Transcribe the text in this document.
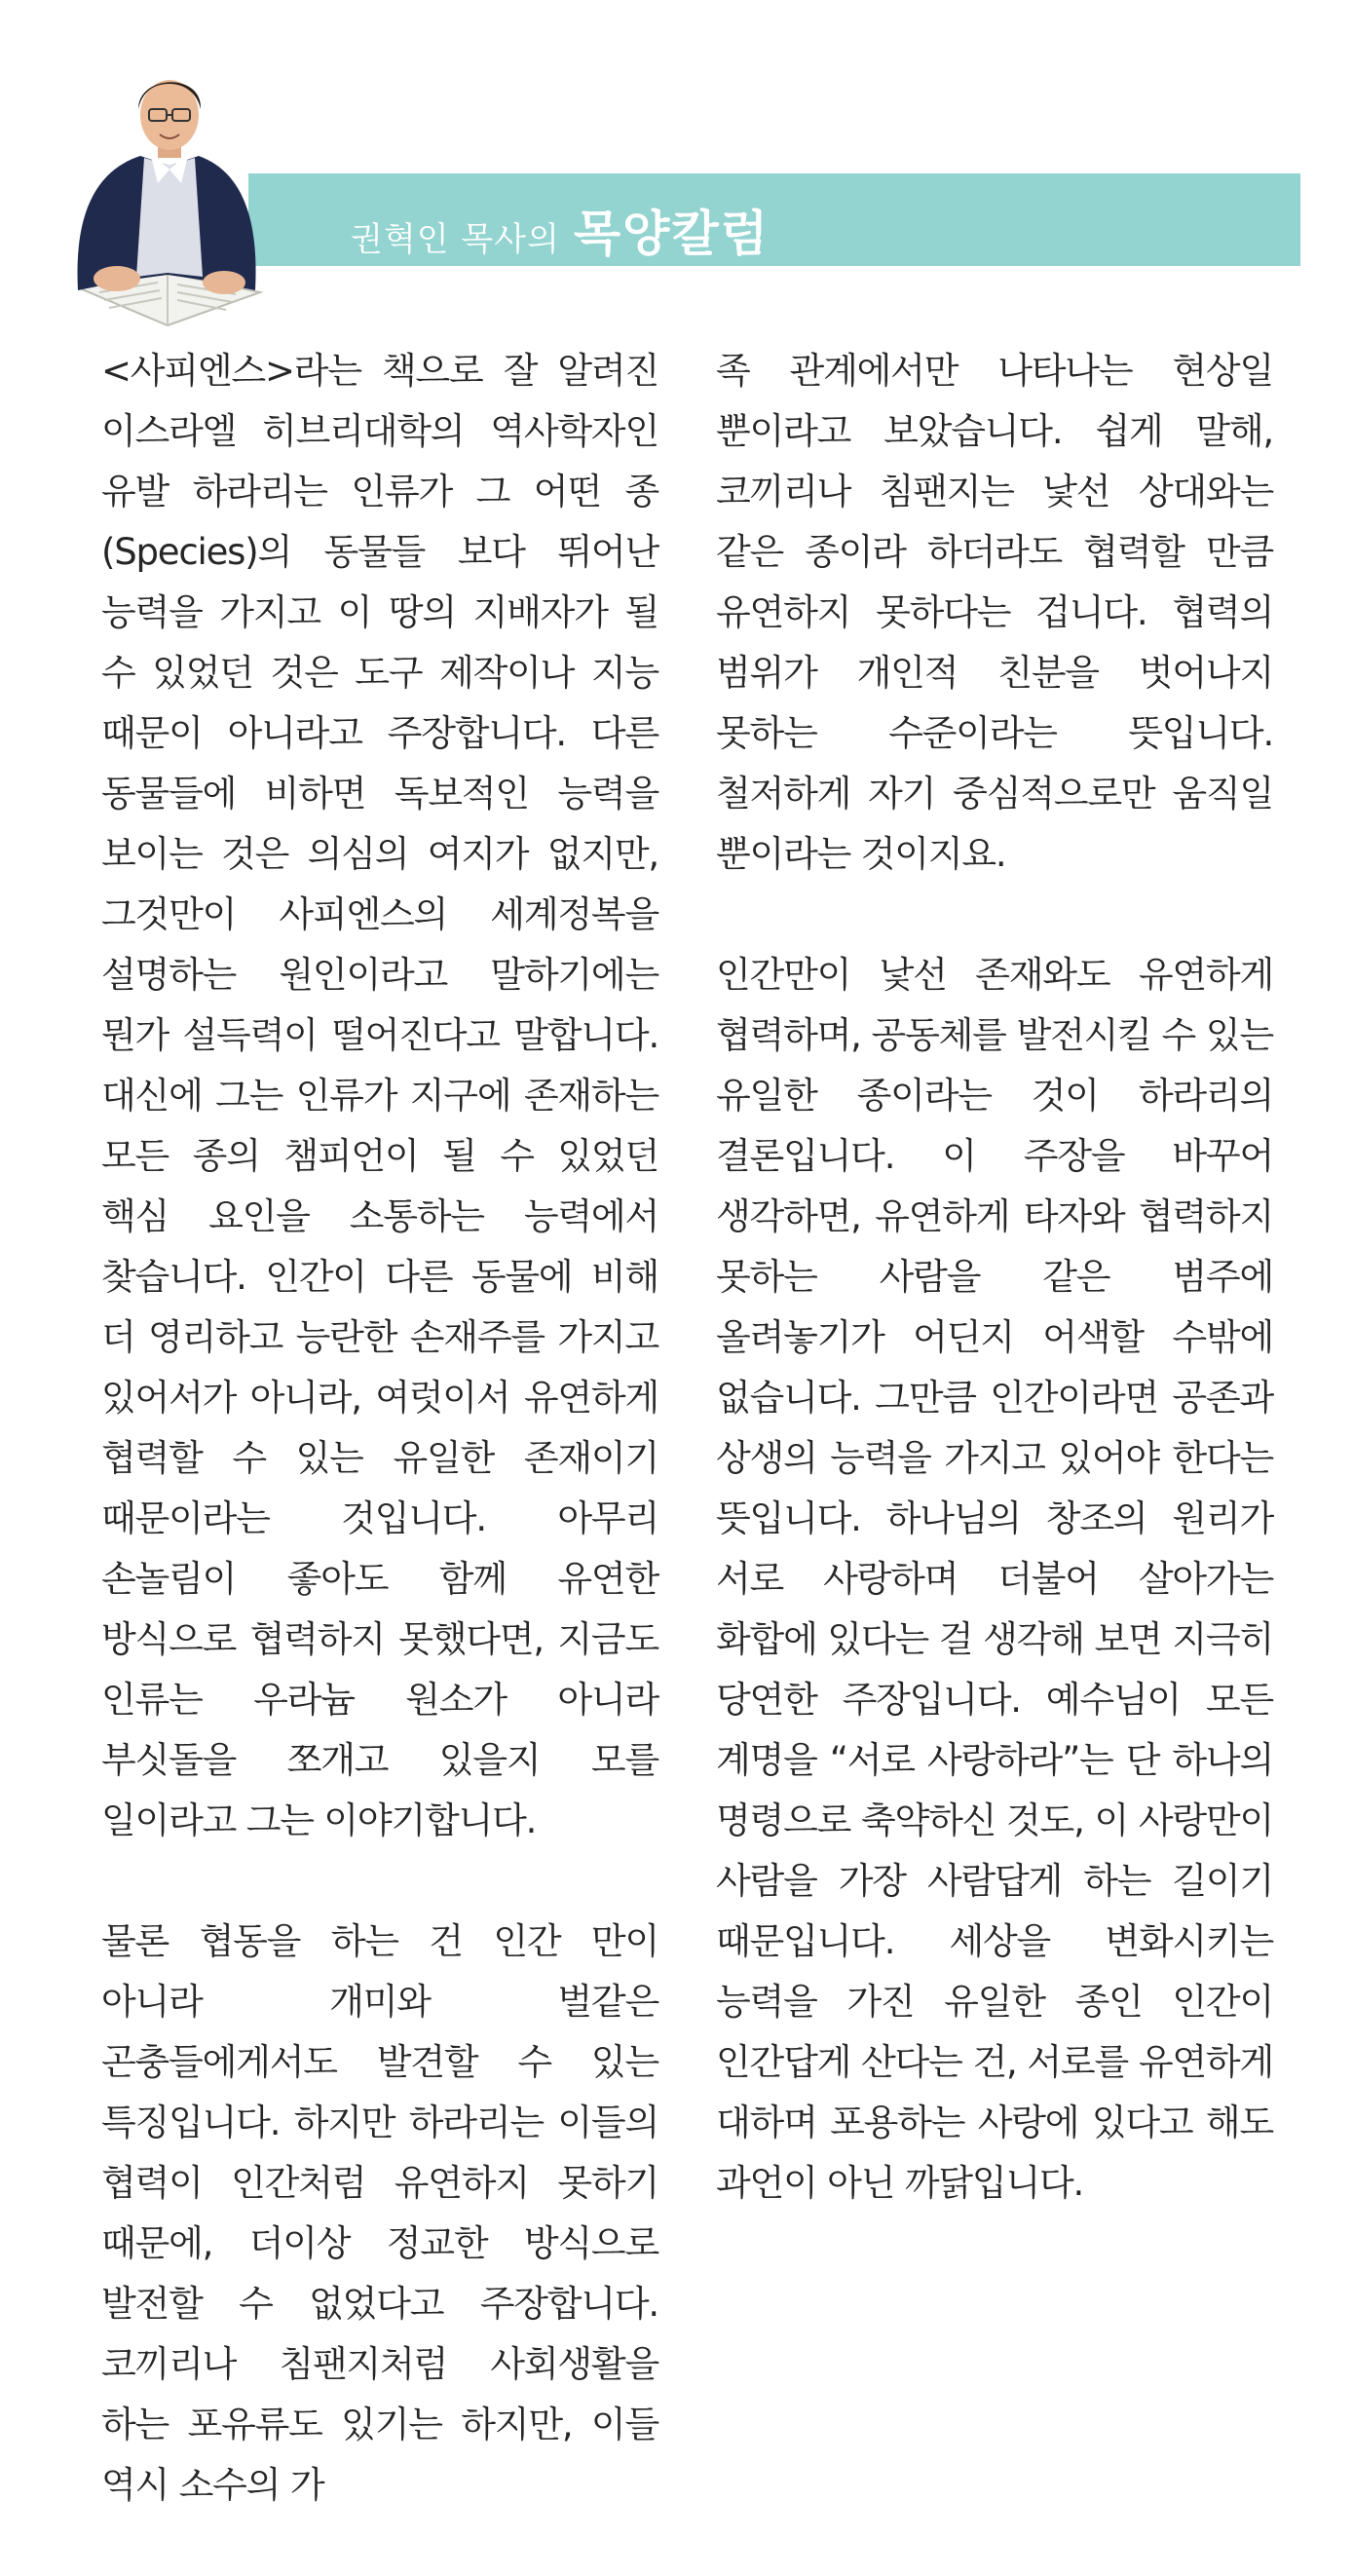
권혁인 목사의 목양칼럼

<사피엔스>라는 책으로 잘 알려진 이스라엘 히브리대학의 역사학자인 유발 하라리는 인류가 그 어떤 종(Species)의 동물들 보다 뛰어난 능력을 가지고 이 땅의 지배자가 될 수 있었던 것은 도구 제작이나 지능 때문이 아니라고 주장합니다. 다른 동물들에 비하면 독보적인 능력을 보이는 것은 의심의 여지가 없지만, 그것만이 사피엔스의 세계정복을 설명하는 원인이라고 말하기에는 뭔가 설득력이 떨어진다고 말합니다. 대신에 그는 인류가 지구에 존재하는 모든 종의 챔피언이 될 수 있었던 핵심 요인을 소통하는 능력에서 찾습니다. 인간이 다른 동물에 비해 더 영리하고 능란한 손재주를 가지고 있어서가 아니라, 여럿이서 유연하게 협력할 수 있는 유일한 존재이기 때문이라는 것입니다. 아무리 손놀림이 좋아도 함께 유연한 방식으로 협력하지 못했다면, 지금도 인류는 우라늄 원소가 아니라 부싯돌을 쪼개고 있을지 모를 일이라고 그는 이야기합니다.

물론 협동을 하는 건 인간 만이 아니라 개미와 벌같은 곤충들에게서도 발견할 수 있는 특징입니다. 하지만 하라리는 이들의 협력이 인간처럼 유연하지 못하기 때문에, 더이상 정교한 방식으로 발전할 수 없었다고 주장합니다. 코끼리나 침팬지처럼 사회생활을 하는 포유류도 있기는 하지만, 이들 역시 소수의 가

족 관계에서만 나타나는 현상일 뿐이라고 보았습니다. 쉽게 말해, 코끼리나 침팬지는 낯선 상대와는 같은 종이라 하더라도 협력할 만큼 유연하지 못하다는 겁니다. 협력의 범위가 개인적 친분을 벗어나지 못하는 수준이라는 뜻입니다. 철저하게 자기 중심적으로만 움직일 뿐이라는 것이지요.

인간만이 낯선 존재와도 유연하게 협력하며, 공동체를 발전시킬 수 있는 유일한 종이라는 것이 하라리의 결론입니다. 이 주장을 바꾸어 생각하면, 유연하게 타자와 협력하지 못하는 사람을 같은 범주에 올려놓기가 어딘지 어색할 수밖에 없습니다. 그만큼 인간이라면 공존과 상생의 능력을 가지고 있어야 한다는 뜻입니다. 하나님의 창조의 원리가 서로 사랑하며 더불어 살아가는 화합에 있다는 걸 생각해 보면 지극히 당연한 주장입니다. 예수님이 모든 계명을 “서로 사랑하라”는 단 하나의 명령으로 축약하신 것도, 이 사랑만이 사람을 가장 사람답게 하는 길이기 때문입니다. 세상을 변화시키는 능력을 가진 유일한 종인 인간이 인간답게 산다는 건, 서로를 유연하게 대하며 포용하는 사랑에 있다고 해도 과언이 아닌 까닭입니다.
